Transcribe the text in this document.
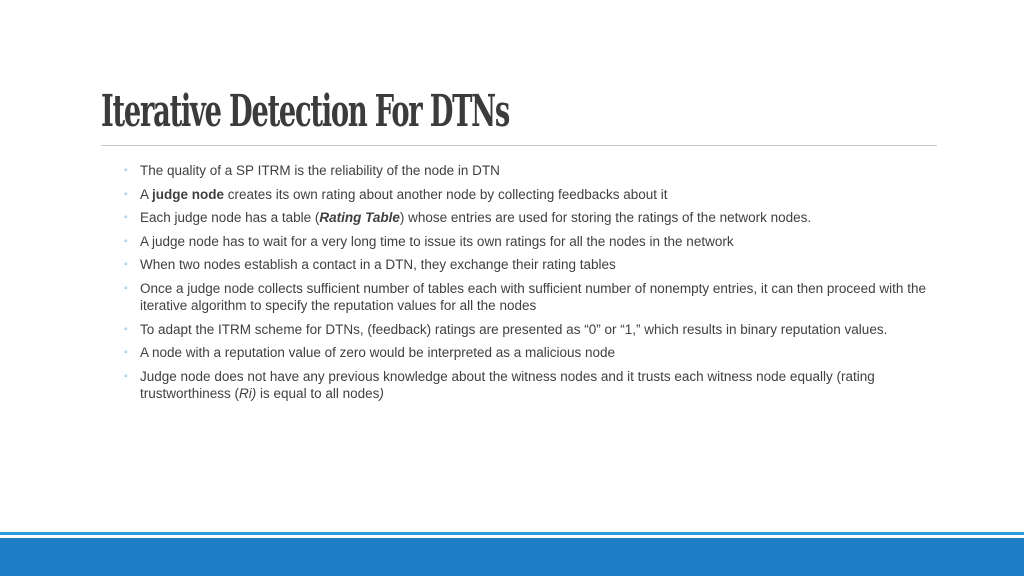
Iterative Detection For DTNs
◦ The quality of a SP ITRM is the reliability of the node in DTN
◦ A judge node creates its own rating about another node by collecting feedbacks about it
◦ Each judge node has a table (Rating Table) whose entries are used for storing the ratings of the network nodes.
◦ A judge node has to wait for a very long time to issue its own ratings for all the nodes in the network
◦ When two nodes establish a contact in a DTN, they exchange their rating tables
◦ Once a judge node collects sufficient number of tables each with sufficient number of nonempty entries, it can then proceed with the iterative algorithm to specify the reputation values for all the nodes
◦ To adapt the ITRM scheme for DTNs, (feedback) ratings are presented as “0” or “1,” which results in binary reputation values.
◦ A node with a reputation value of zero would be interpreted as a malicious node
◦ Judge node does not have any previous knowledge about the witness nodes and it trusts each witness node equally (rating trustworthiness (Ri) is equal to all nodes)
